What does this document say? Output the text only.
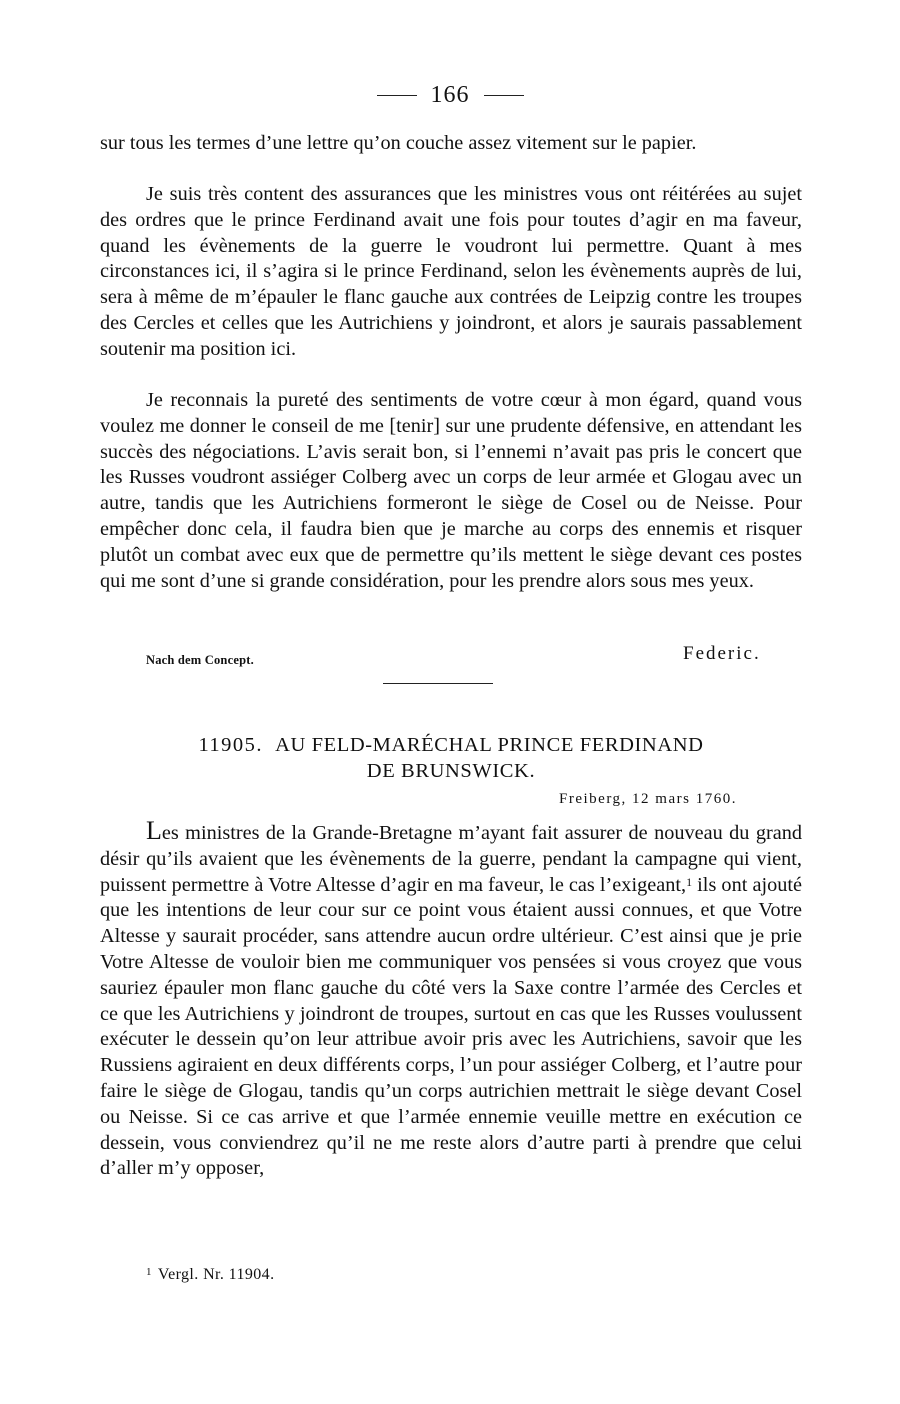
166

sur tous les termes d’une lettre qu’on couche assez vitement sur le papier.

Je suis très content des assurances que les ministres vous ont réitérées au sujet des ordres que le prince Ferdinand avait une fois pour toutes d’agir en ma faveur, quand les évènements de la guerre le voudront lui permettre. Quant à mes circonstances ici, il s’agira si le prince Ferdinand, selon les évènements auprès de lui, sera à même de m’épauler le flanc gauche aux contrées de Leipzig contre les troupes des Cercles et celles que les Autrichiens y joindront, et alors je saurais passablement soutenir ma position ici.

Je reconnais la pureté des sentiments de votre cœur à mon égard, quand vous voulez me donner le conseil de me [tenir] sur une prudente défensive, en attendant les succès des négociations. L’avis serait bon, si l’ennemi n’avait pas pris le concert que les Russes voudront assiéger Colberg avec un corps de leur armée et Glogau avec un autre, tandis que les Autrichiens formeront le siège de Cosel ou de Neisse. Pour empêcher donc cela, il faudra bien que je marche au corps des ennemis et risquer plutôt un combat avec eux que de permettre qu’ils mettent le siège devant ces postes qui me sont d’une si grande considération, pour les prendre alors sous mes yeux.

Nach dem Concept.	Federic.
11905. AU FELD-MARÉCHAL PRINCE FERDINAND
DE BRUNSWICK.
Freiberg, 12 mars 1760.

Les ministres de la Grande-Bretagne m’ayant fait assurer de nouveau du grand désir qu’ils avaient que les évènements de la guerre, pendant la campagne qui vient, puissent permettre à Votre Altesse d’agir en ma faveur, le cas l’exigeant,$^1$ ils ont ajouté que les intentions de leur cour sur ce point vous étaient aussi connues, et que Votre Altesse y saurait procéder, sans attendre aucun ordre ultérieur. C’est ainsi que je prie Votre Altesse de vouloir bien me communiquer vos pensées si vous croyez que vous sauriez épauler mon flanc gauche du côté vers la Saxe contre l’armée des Cercles et ce que les Autrichiens y joindront de troupes, surtout en cas que les Russes voulussent exécuter le dessein qu’on leur attribue avoir pris avec les Autrichiens, savoir que les Russiens agiraient en deux différents corps, l’un pour assiéger Colberg, et l’autre pour faire le siège de Glogau, tandis qu’un corps autrichien mettrait le siège devant Cosel ou Neisse. Si ce cas arrive et que l’armée ennemie veuille mettre en exécution ce dessein, vous conviendrez qu’il ne me reste alors d’autre parti à prendre que celui d’aller m’y opposer,

$^1$ Vergl. Nr. 11904.
